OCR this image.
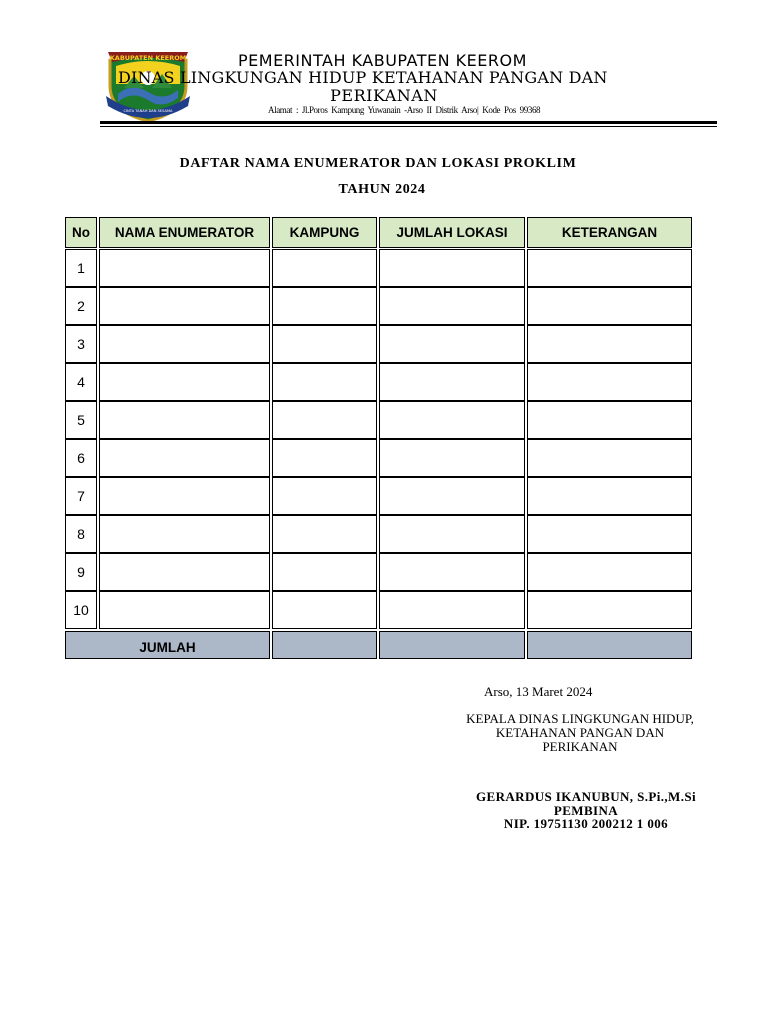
KABUPATEN KEEROM
CINTA TANAH DAN SESAMA
PEMERINTAH KABUPATEN KEEROM
DINAS LINGKUNGAN HIDUP KETAHANAN PANGAN DAN
PERIKANAN
Alamat : Jl.Poros Kampung Yuwanain -Arso II Distrik Arso| Kode Pos 99368
DAFTAR NAMA ENUMERATOR DAN LOKASI PROKLIM
TAHUN 2024
No	NAMA ENUMERATOR	KAMPUNG	JUMLAH LOKASI	KETERANGAN
1
2
3
4
5
6
7
8
9
10
JUMLAH
Arso, 13 Maret 2024
KEPALA DINAS LINGKUNGAN HIDUP,
KETAHANAN PANGAN DAN
PERIKANAN
GERARDUS IKANUBUN, S.Pi.,M.Si
PEMBINA
NIP. 19751130 200212 1 006
